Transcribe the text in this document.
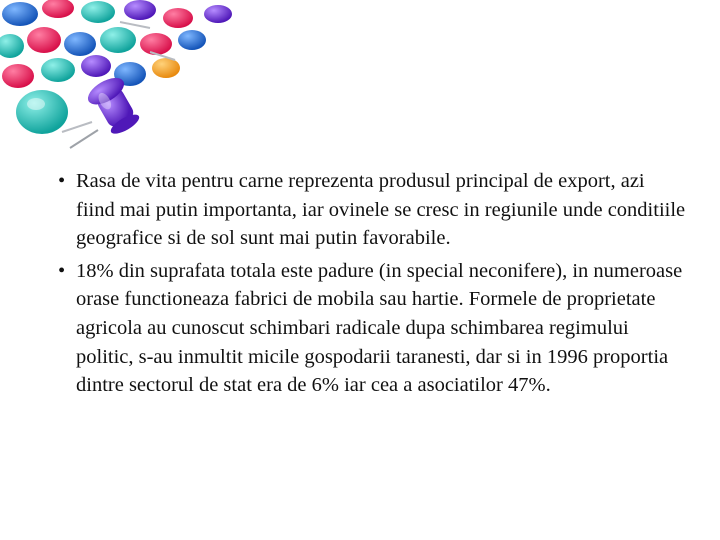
• Rasa de vita pentru carne reprezenta produsul principal de export, azi fiind mai putin importanta, iar ovinele se cresc in regiunile unde conditiile geografice si de sol sunt mai putin favorabile.
• 18% din suprafata totala este padure (in special neconifere), in numeroase orase functioneaza fabrici de mobila sau hartie. Formele de proprietate agricola au cunoscut schimbari radicale dupa schimbarea regimului politic, s-au inmultit micile gospodarii taranesti, dar si in 1996 proportia dintre sectorul de stat era de 6% iar cea a asociatilor 47%.
